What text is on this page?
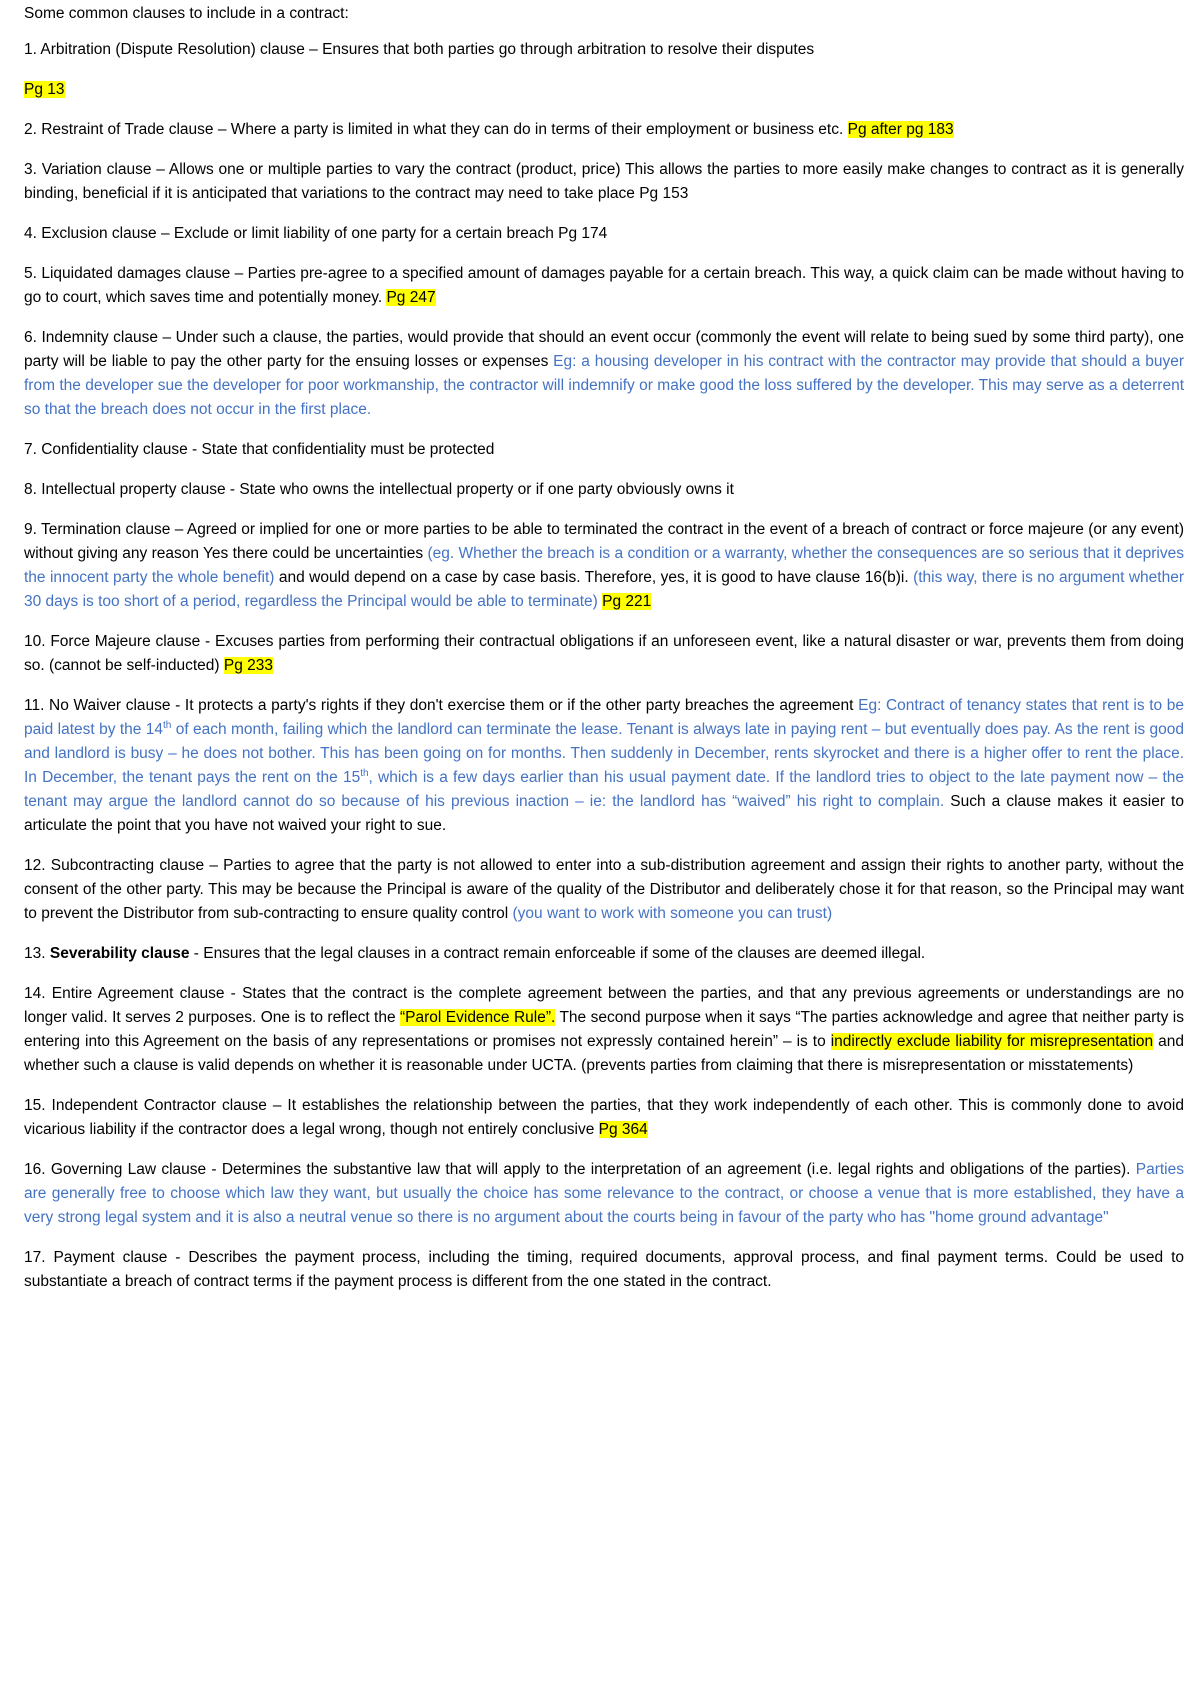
Some common clauses to include in a contract:

1. Arbitration (Dispute Resolution) clause – Ensures that both parties go through arbitration to resolve their disputes

Pg 13

2. Restraint of Trade clause – Where a party is limited in what they can do in terms of their employment or business etc. Pg after pg 183

3. Variation clause – Allows one or multiple parties to vary the contract (product, price) This allows the parties to more easily make changes to contract as it is generally binding, beneficial if it is anticipated that variations to the contract may need to take place Pg 153

4. Exclusion clause – Exclude or limit liability of one party for a certain breach Pg 174

5. Liquidated damages clause – Parties pre-agree to a specified amount of damages payable for a certain breach. This way, a quick claim can be made without having to go to court, which saves time and potentially money. Pg 247

6. Indemnity clause – Under such a clause, the parties, would provide that should an event occur (commonly the event will relate to being sued by some third party), one party will be liable to pay the other party for the ensuing losses or expenses Eg: a housing developer in his contract with the contractor may provide that should a buyer from the developer sue the developer for poor workmanship, the contractor will indemnify or make good the loss suffered by the developer. This may serve as a deterrent so that the breach does not occur in the first place.

7. Confidentiality clause - State that confidentiality must be protected

8. Intellectual property clause - State who owns the intellectual property or if one party obviously owns it

9. Termination clause – Agreed or implied for one or more parties to be able to terminated the contract in the event of a breach of contract or force majeure (or any event) without giving any reason Yes there could be uncertainties (eg. Whether the breach is a condition or a warranty, whether the consequences are so serious that it deprives the innocent party the whole benefit) and would depend on a case by case basis. Therefore, yes, it is good to have clause 16(b)i. (this way, there is no argument whether 30 days is too short of a period, regardless the Principal would be able to terminate) Pg 221

10. Force Majeure clause - Excuses parties from performing their contractual obligations if an unforeseen event, like a natural disaster or war, prevents them from doing so. (cannot be self-inducted) Pg 233

11. No Waiver clause - It protects a party's rights if they don't exercise them or if the other party breaches the agreement Eg: Contract of tenancy states that rent is to be paid latest by the 14th of each month, failing which the landlord can terminate the lease. Tenant is always late in paying rent – but eventually does pay. As the rent is good and landlord is busy – he does not bother. This has been going on for months. Then suddenly in December, rents skyrocket and there is a higher offer to rent the place. In December, the tenant pays the rent on the 15th, which is a few days earlier than his usual payment date. If the landlord tries to object to the late payment now – the tenant may argue the landlord cannot do so because of his previous inaction – ie: the landlord has “waived” his right to complain. Such a clause makes it easier to articulate the point that you have not waived your right to sue.

12. Subcontracting clause – Parties to agree that the party is not allowed to enter into a sub-distribution agreement and assign their rights to another party, without the consent of the other party. This may be because the Principal is aware of the quality of the Distributor and deliberately chose it for that reason, so the Principal may want to prevent the Distributor from sub-contracting to ensure quality control (you want to work with someone you can trust)

13. Severability clause - Ensures that the legal clauses in a contract remain enforceable if some of the clauses are deemed illegal.

14. Entire Agreement clause - States that the contract is the complete agreement between the parties, and that any previous agreements or understandings are no longer valid. It serves 2 purposes. One is to reflect the “Parol Evidence Rule”. The second purpose when it says “The parties acknowledge and agree that neither party is entering into this Agreement on the basis of any representations or promises not expressly contained herein” – is to indirectly exclude liability for misrepresentation and whether such a clause is valid depends on whether it is reasonable under UCTA. (prevents parties from claiming that there is misrepresentation or misstatements)

15. Independent Contractor clause – It establishes the relationship between the parties, that they work independently of each other. This is commonly done to avoid vicarious liability if the contractor does a legal wrong, though not entirely conclusive Pg 364

16. Governing Law clause - Determines the substantive law that will apply to the interpretation of an agreement (i.e. legal rights and obligations of the parties). Parties are generally free to choose which law they want, but usually the choice has some relevance to the contract, or choose a venue that is more established, they have a very strong legal system and it is also a neutral venue so there is no argument about the courts being in favour of the party who has "home ground advantage"

17. Payment clause - Describes the payment process, including the timing, required documents, approval process, and final payment terms. Could be used to substantiate a breach of contract terms if the payment process is different from the one stated in the contract.
